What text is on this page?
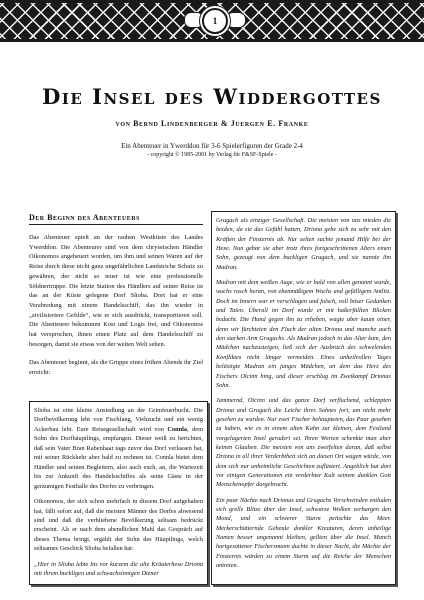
1
Die Insel des Widdergottes
von Bernd Lindenberger & Juergen E. Franke
Ein Abenteuer in Ywerddon für 3-6 Spielerfiguren der Grade 2-4
- copyright © 1985-2001 by Verlag für F&SF-Spiele -
Der Beginn des Abenteuers

Das Abenteuer spielt an der rauhen Westküste des Landes Ywerddon. Die Abenteurer sind von dem chryseischen Händler Oikonomos angeheuert worden, um ihm und seinen Waren auf der Reise durch diese nicht ganz ungefährlichen Landstriche Schutz zu gewähren, der nicht so teuer ist wie eine professionelle Söldnertruppe. Die letzte Station des Händlers auf seiner Reise ist das an der Küste gelegene Dorf Slioba. Dort hat er eine Verabredung mit einem Handelsschiff, das ihn wieder in „zivilisiertere Gefilde“, wie er sich ausdrückt, transportieren soll. Die Abenteurer bekommen Kost und Logis frei, und Oikonomos hat versprochen, ihnen einen Platz auf dem Handelsschiff zu besorgen, damit sie etwas von der weiten Welt sehen.

Das Abenteuer beginnt, als die Gruppe eines frühen Abends ihr Ziel erreicht:

Slioba ist eine kleine Ansiedlung an der Grimfeuerbucht. Die Dorfbevölkerung lebt von Fischfang, Viehzucht und ein wenig Ackerbau lebt. Eure Reisegesellschaft wird von Connla, dem Sohn des Dorfhäuptlings, empfangen. Dieser weiß zu berichten, daß sein Vater Bran Rabenhaar tags zuvor das Dorf verlassen hat, mit seiner Rückkehr aber bald zu rechnen ist. Connla bietet dem Händler und seinen Begleitern, also auch euch, an, die Wartezeit bis zur Ankunft des Handelsschiffes als seine Gäste in der geräumigen Festhalle des Dorfes zu verbringen.

Oikonomos, der sich schon mehrfach in diesem Dorf aufgehalten hat, fällt sofort auf, daß die meisten Männer des Dorfes abwesend sind und daß die verbliebene Bevölkerung seltsam bedrückt erscheint. Als er nach dem abendlichen Mahl das Gespräch auf dieses Thema bringt, ergählt der Sohn des Häuptlings, welch seltsames Geschick Slioba befallen hat:

„Hier in Slioba lebte bis vor kurzem die alte Kräuterhexe Driona mit ihrem buckligen und schwachsinnigen Diener

Grugach als einziger Gesellschaft. Die meisten von uns mieden die beiden, da sie das Gefühl hatten, Driona gebe sich zu sehr mit den Kräften der Finsternis ab. Nur selten suchte jemand Hilfe bei der Hexe. Nun gebar sie aber trotz ihres fortgeschrittenen Alters einen Sohn, gezeugt von dem buckligen Grugach, und sie nannte ihn Madran.

Madran mit dem weißen Auge, wie er bald von allen genannt wurde, wuchs rasch heran, von ebenmäßigem Wuchs und gefälligem Antlitz. Doch im Innern war er verschlagen und falsch, voll böser Gedanken und Taten. Überall im Dorf wurde er mit haßerfüllten Blicken bedacht. Die Hand gegen ihn zu erheben, wagte aber kaum einer, denn wir fürchteten den Fluch der alten Driona und manche auch den starken Arm Grugachs. Als Madran jedoch in das Alter kam, den Mädchen nachzusteigen, ließ sich der Ausbruch des schwelenden Konfliktes nicht länger vermeiden. Eines unheilvollen Tages belästigte Madran ein junges Mädchen, an dem das Herz des Fischers Oïcinn hing, und dieser erschlug im Zweikampf Drionas Sohn.

Jammernd, Oïcinn und das ganze Dorf verfluchend, schleppten Driona und Grugach die Leiche ihres Sohnes fort, um nicht mehr gesehen zu warden. Nur zwei Fischer behaupteten, das Paar gesehen zu haben, wie es in einem alten Kahn zur kleinen, dem Festland vorgelagerten Insel gerudert sei. Ihren Worten schenkte man aber keinen Glauben. Die meisten von uns zweifelten daran, daß selbst Driona in all ihrer Verderbtheit sich an diesen Ort wagen würde, von dem sich nur unheimliche Geschichten zuflüstert. Angeblich hat dort vor einigen Generationen ein verderbter Kult seinem dunklen Gott Menschenopfer dargebracht.

Ein paar Nächte nach Drionas und Grugachs Verschwinden entluden sich grelle Blitze über der Insel, schwarze Wolken verbargen den Mond, und ein schwerer Sturm peitschte das Meer. Merkerschütternde Geheule donkler Kreaturen, deren unheilige Namen besser ungenannt bleiben, gellten über die Insel. Manch hartgesottener Fischersmann duchte in dieser Nacht, die Mächte der Finsternis würden zu einem Sturm auf die Reiche der Menschen antreten.
